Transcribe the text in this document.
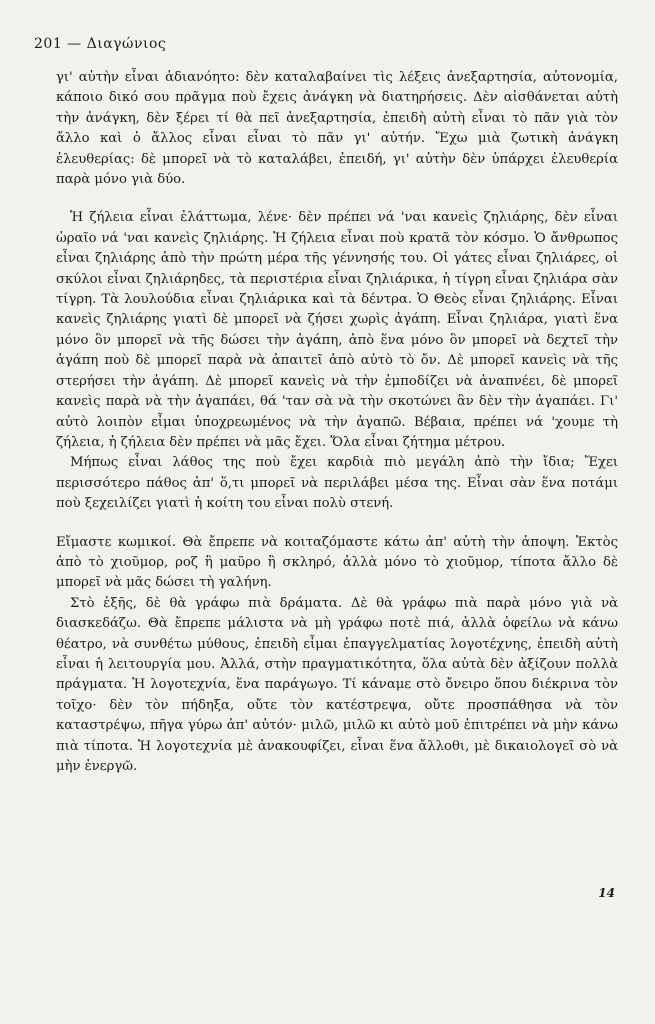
201 — Διαγώνιος

γι' αὐτὴν εἶναι ἀδιανόητο: δὲν καταλαβαίνει τὶς λέξεις ἀνεξαρτησία, αὐτονομία, κάποιο δικό σου πρᾶγμα ποὺ ἔχεις ἀνάγκη νὰ διατηρήσεις. Δὲν αἰσθάνεται αὐτὴ τὴν ἀνάγκη, δὲν ξέρει τί θὰ πεῖ ἀνεξαρτησία, ἐπειδὴ αὐτὴ εἶναι τὸ πᾶν γιὰ τὸν ἄλλο καὶ ὁ ἄλλος εἶναι εἶναι τὸ πᾶν γι' αὐτήν. Ἔχω μιὰ ζωτικὴ ἀνάγκη ἐλευθερίας: δὲ μπορεῖ νὰ τὸ καταλάβει, ἐπειδή, γι' αὐτὴν δὲν ὑπάρχει ἐλευθερία παρὰ μόνο γιὰ δύο.

Ἡ ζήλεια εἶναι ἐλάττωμα, λένε· δὲν πρέπει νά 'ναι κανεὶς ζηλιάρης, δὲν εἶναι ὡραῖο νά 'ναι κανεὶς ζηλιάρης. Ἡ ζήλεια εἶναι ποὺ κρατᾶ τὸν κόσμο. Ὁ ἄνθρωπος εἶναι ζηλιάρης ἀπὸ τὴν πρώτη μέρα τῆς γέννησής του. Οἱ γάτες εἶναι ζηλιάρες, οἱ σκύλοι εἶναι ζηλιάρηδες, τὰ περιστέρια εἶναι ζηλιάρικα, ἡ τίγρη εἶναι ζηλιάρα σὰν τίγρη. Τὰ λουλούδια εἶναι ζηλιάρικα καὶ τὰ δέντρα. Ὁ Θεὸς εἶναι ζηλιάρης. Εἶναι κανεὶς ζηλιάρης γιατὶ δὲ μπορεῖ νὰ ζήσει χωρὶς ἀγάπη. Εἶναι ζηλιάρα, γιατὶ ἕνα μόνο ὃν μπορεῖ νὰ τῆς δώσει τὴν ἀγάπη, ἀπὸ ἕνα μόνο ὃν μπορεῖ νὰ δεχτεῖ τὴν ἀγάπη ποὺ δὲ μπορεῖ παρὰ νὰ ἀπαιτεῖ ἀπὸ αὐτὸ τὸ ὄν. Δὲ μπορεῖ κανεὶς νὰ τῆς στερήσει τὴν ἀγάπη. Δὲ μπορεῖ κανεὶς νὰ τὴν ἐμποδίζει νὰ ἀναπνέει, δὲ μπορεῖ κανεὶς παρὰ νὰ τὴν ἀγαπάει, θά 'ταν σὰ νὰ τὴν σκοτώνει ἂν δὲν τὴν ἀγαπάει. Γι' αὐτὸ λοιπὸν εἶμαι ὑποχρεωμένος νὰ τὴν ἀγαπῶ. Βέβαια, πρέπει νά 'χουμε τὴ ζήλεια, ἡ ζήλεια δὲν πρέπει νὰ μᾶς ἔχει. Ὅλα εἶναι ζήτημα μέτρου.

Μήπως εἶναι λάθος της ποὺ ἔχει καρδιὰ πιὸ μεγάλη ἀπὸ τὴν ἴδια; Ἔχει περισσότερο πάθος ἀπ' ὅ,τι μπορεῖ νὰ περιλάβει μέσα της. Εἶναι σὰν ἕνα ποτάμι ποὺ ξεχειλίζει γιατὶ ἡ κοίτη του εἶναι πολὺ στενή.

Εἴμαστε κωμικοί. Θὰ ἔπρεπε νὰ κοιταζόμαστε κάτω ἀπ' αὐτὴ τὴν ἀποψη. Ἐκτὸς ἀπὸ τὸ χιοῦμορ, ροζ ἢ μαῦρο ἢ σκληρό, ἀλλὰ μόνο τὸ χιοῦμορ, τίποτα ἄλλο δὲ μπορεῖ νὰ μᾶς δώσει τὴ γαλήνη.

Στὸ ἑξῆς, δὲ θὰ γράφω πιὰ δράματα. Δὲ θὰ γράφω πιὰ παρὰ μόνο γιὰ νὰ διασκεδάζω. Θὰ ἔπρεπε μάλιστα νὰ μὴ γράφω ποτὲ πιά, ἀλλὰ ὀφείλω νὰ κάνω θέατρο, νὰ συνθέτω μύθους, ἐπειδὴ εἶμαι ἐπαγγελματίας λογοτέχνης, ἐπειδὴ αὐτὴ εἶναι ἡ λειτουργία μου. Ἀλλά, στὴν πραγματικότητα, ὅλα αὐτὰ δὲν ἀξίζουν πολλὰ πράγματα. Ἡ λογοτεχνία, ἕνα παράγωγο. Τί κάναμε στὸ ὄνειρο ὅπου διέκρινα τὸν τοῖχο· δὲν τὸν πήδηξα, οὔτε τὸν κατέστρεψα, οὔτε προσπάθησα νὰ τὸν καταστρέψω, πῆγα γύρω ἀπ' αὐτόν· μιλῶ, μιλῶ κι αὐτὸ μοῦ ἐπιτρέπει νὰ μὴν κάνω πιὰ τίποτα. Ἡ λογοτεχνία μὲ ἀνακουφίζει, εἶναι ἕνα ἄλλοθι, μὲ δικαιολογεῖ σὸ νὰ μὴν ἐνεργῶ.

14
